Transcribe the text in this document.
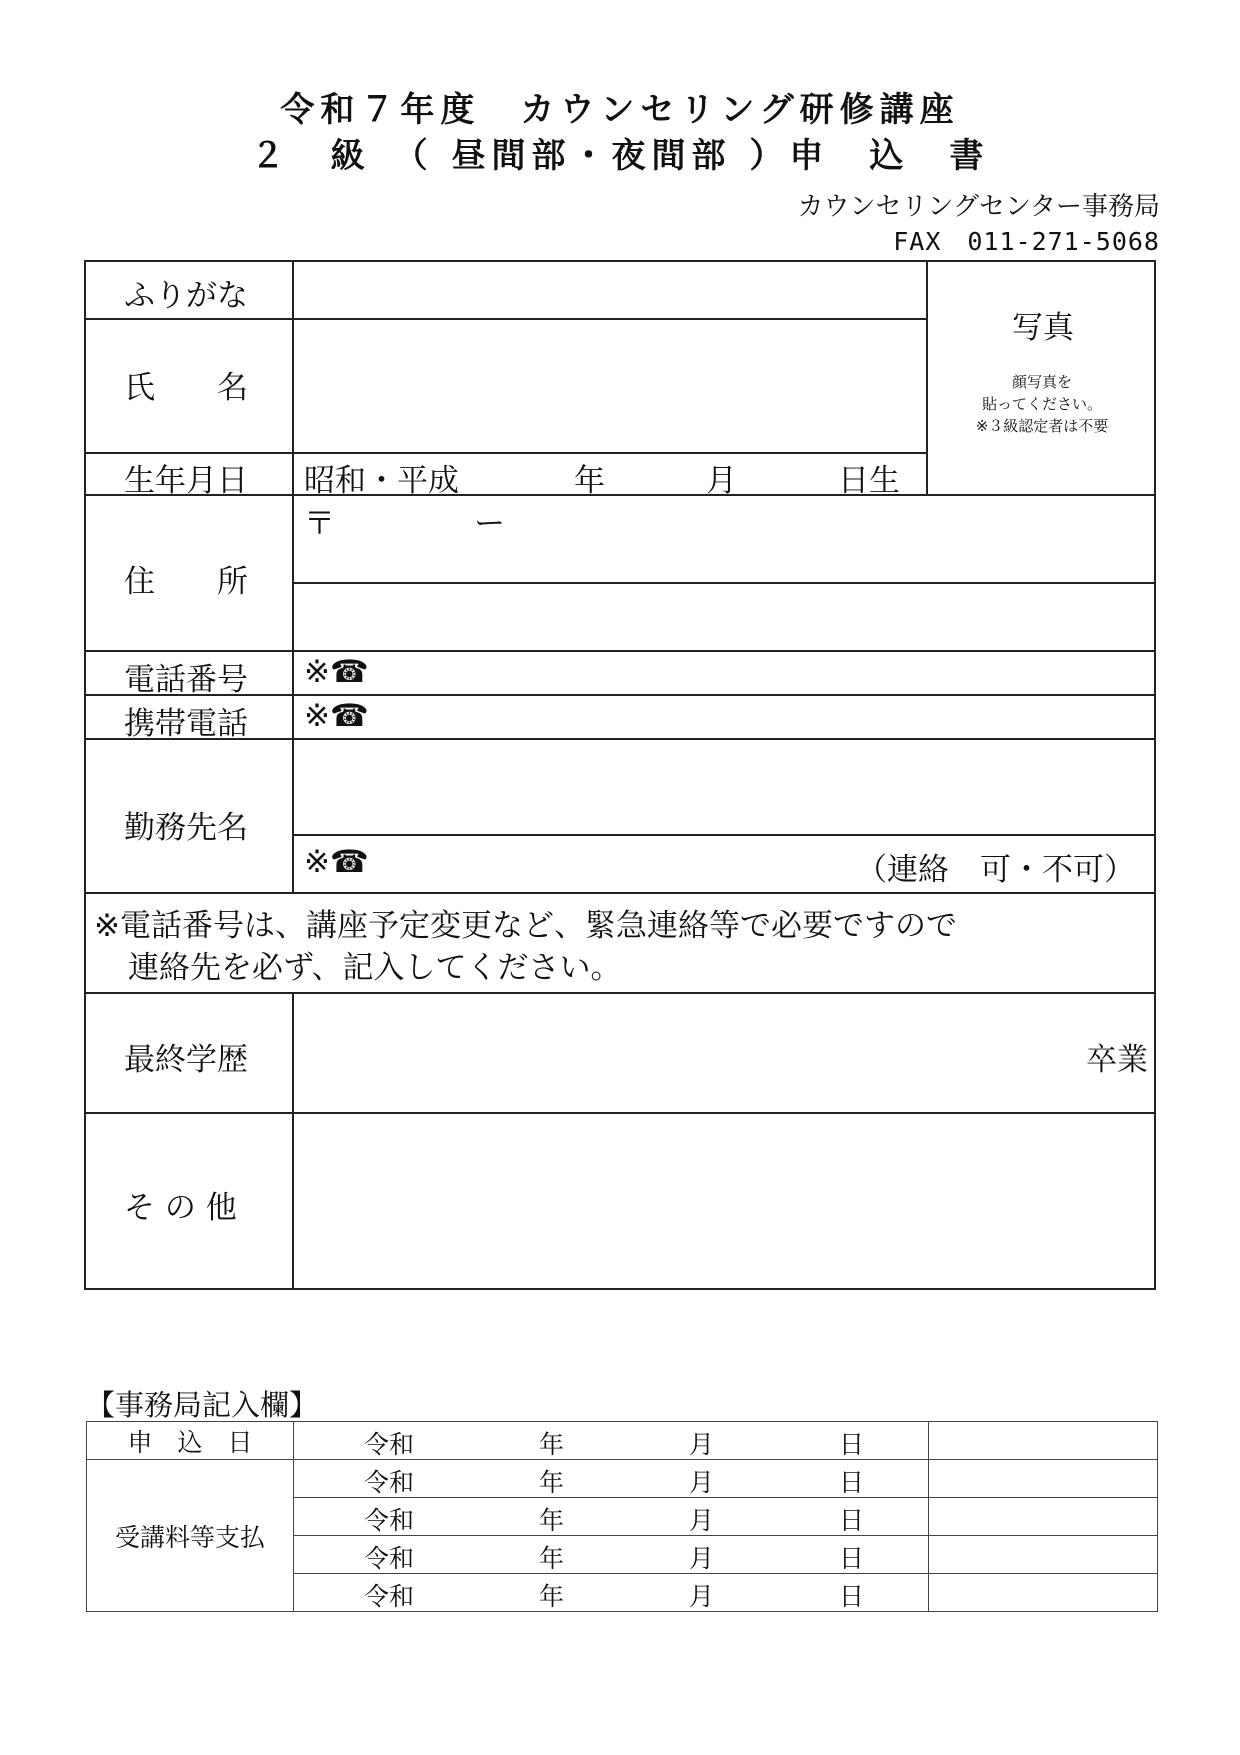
令和７年度　カウンセリング研修講座
２　級　（ 昼間部・夜間部 ）申　込　書
カウンセリングセンター事務局
FAX　011-271-5068
ふりがな
氏　　名
生年月日 昭和・平成	年	月	日生
写真
顔写真を
貼ってください。
※３級認定者は不要
住　　所
〒	ー
電話番号 ※☎
携帯電話 ※☎
勤務先名
※☎	（連絡　可・不可）
※電話番号は、講座予定変更など、緊急連絡等で必要ですので
連絡先を必ず、記入してください。
最終学歴	卒業
そ の 他
【事務局記入欄】
申　込　日	令和 年 月 日	

受講料等支払	令和 年 月 日	

	令和 年 月 日	

	令和 年 月 日	

	令和 年 月 日	
